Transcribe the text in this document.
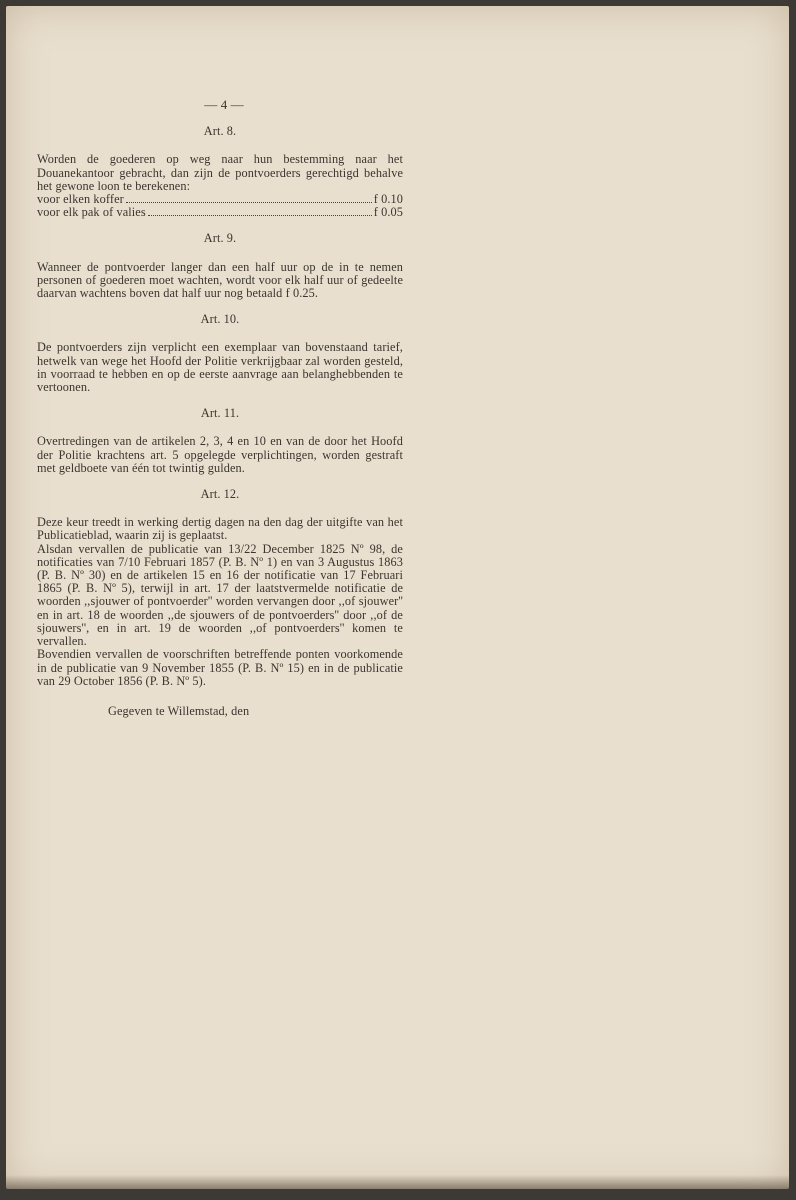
— 4 —
Art. 8.

Worden de goederen op weg naar hun bestemming naar het Douanekantoor gebracht, dan zijn de pontvoerders gerechtigd behalve het gewone loon te berekenen:

voor elken koffer	f 0.10
voor elk pak of valies	f 0.05
Art. 9.

Wanneer de pontvoerder langer dan een half uur op de in te nemen personen of goederen moet wachten, wordt voor elk half uur of gedeelte daarvan wachtens boven dat half uur nog betaald f 0.25.

Art. 10.

De pontvoerders zijn verplicht een exemplaar van bovenstaand tarief, hetwelk van wege het Hoofd der Politie verkrijgbaar zal worden gesteld, in voorraad te hebben en op de eerste aanvrage aan belanghebbenden te vertoonen.

Art. 11.

Overtredingen van de artikelen 2, 3, 4 en 10 en van de door het Hoofd der Politie krachtens art. 5 opgelegde verplichtingen, worden gestraft met geldboete van één tot twintig gulden.

Art. 12.

Deze keur treedt in werking dertig dagen na den dag der uitgifte van het Publicatieblad, waarin zij is geplaatst.

Alsdan vervallen de publicatie van 13/22 December 1825 Nº 98, de notificaties van 7/10 Februari 1857 (P. B. Nº 1) en van 3 Augustus 1863 (P. B. Nº 30) en de artikelen 15 en 16 der notificatie van 17 Februari 1865 (P. B. Nº 5), terwijl in art. 17 der laatstvermelde notificatie de woorden ,,sjouwer of pontvoerder'' worden vervangen door ,,of sjouwer'' en in art. 18 de woorden ,,de sjouwers of de pontvoerders'' door ,,of de sjouwers'', en in art. 19 de woorden ,,of pontvoerders'' komen te vervallen.

Bovendien vervallen de voorschriften betreffende ponten voorkomende in de publicatie van 9 November 1855 (P. B. Nº 15) en in de publicatie van 29 October 1856 (P. B. Nº 5).

Gegeven te Willemstad, den
